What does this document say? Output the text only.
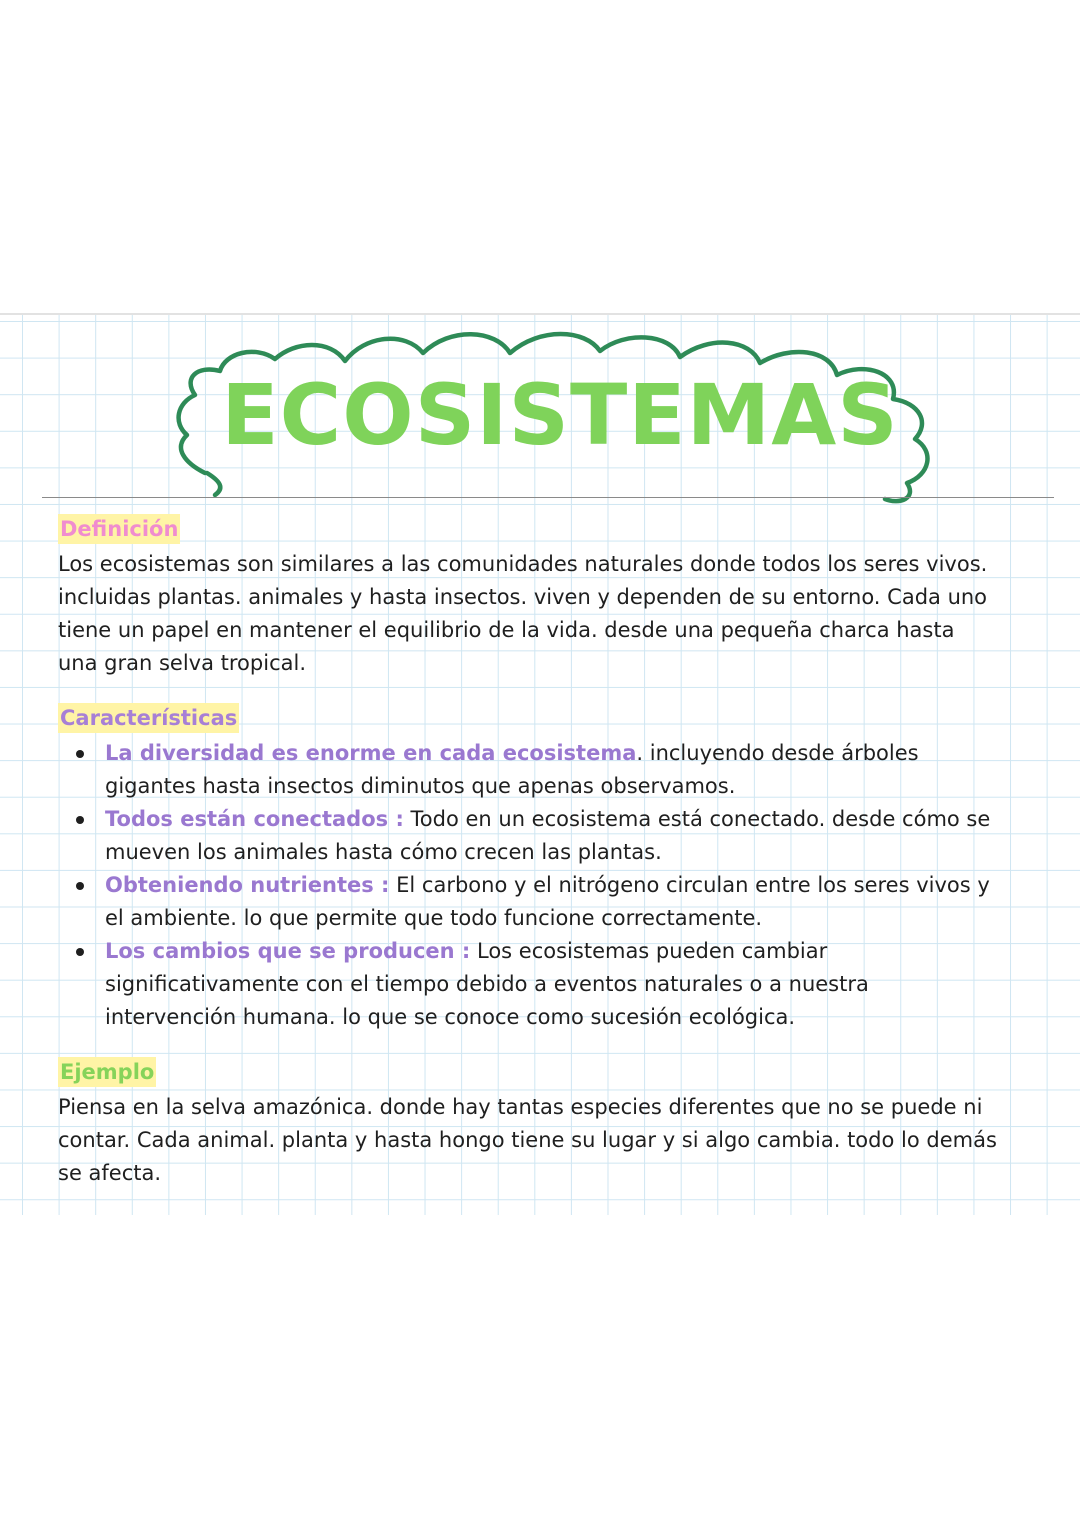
ECOSISTEMAS
Definición

Los ecosistemas son similares a las comunidades naturales donde todos los seres vivos. incluidas plantas. animales y hasta insectos. viven y dependen de su entorno. Cada uno tiene un papel en mantener el equilibrio de la vida. desde una pequeña charca hasta una gran selva tropical.

Características
La diversidad es enorme en cada ecosistema. incluyendo desde árboles gigantes hasta insectos diminutos que apenas observamos.
Todos están conectados : Todo en un ecosistema está conectado. desde cómo se mueven los animales hasta cómo crecen las plantas.
Obteniendo nutrientes : El carbono y el nitrógeno circulan entre los seres vivos y el ambiente. lo que permite que todo funcione correctamente.
Los cambios que se producen : Los ecosistemas pueden cambiar significativamente con el tiempo debido a eventos naturales o a nuestra intervención humana. lo que se conoce como sucesión ecológica.
Ejemplo

Piensa en la selva amazónica. donde hay tantas especies diferentes que no se puede ni contar. Cada animal. planta y hasta hongo tiene su lugar y si algo cambia. todo lo demás se afecta.
